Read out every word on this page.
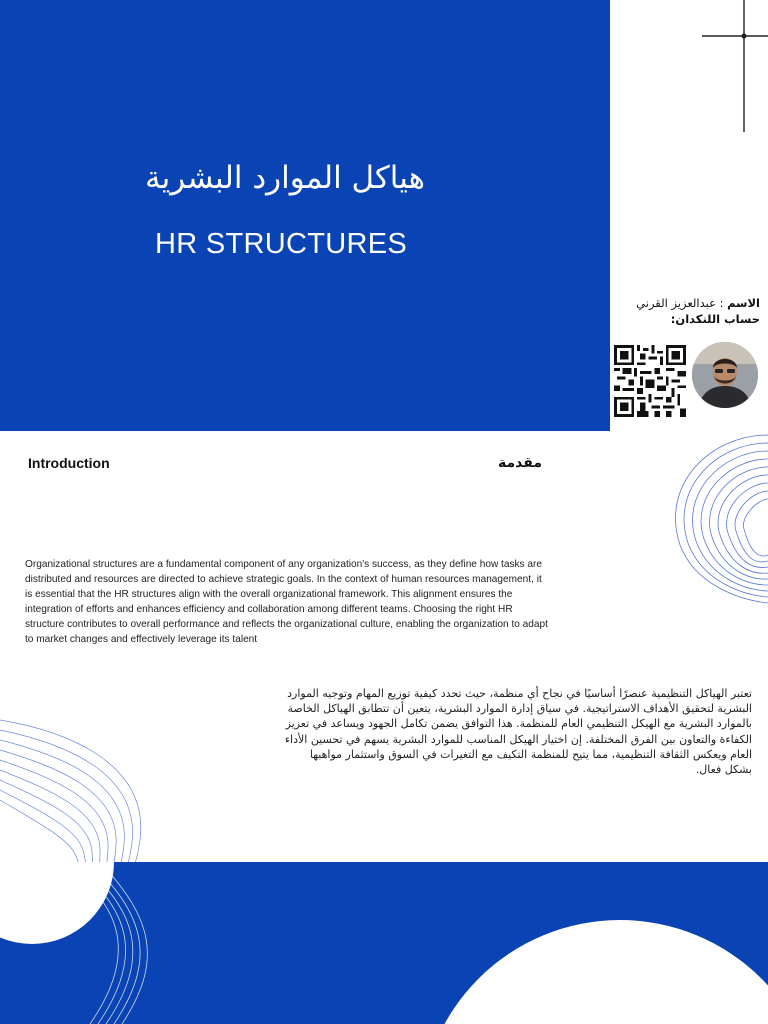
هياكل الموارد البشرية
HR STRUCTURES
الاسم : عبدالعزيز القرني
حساب اللنكدان:
Introduction	مقدمة
Organizational structures are a fundamental component of any organization's success, as they define how tasks are distributed and resources are directed to achieve strategic goals. In the context of human resources management, it is essential that the HR structures align with the overall organizational framework. This alignment ensures the integration of efforts and enhances efficiency and collaboration among different teams. Choosing the right HR structure contributes to overall performance and reflects the organizational culture, enabling the organization to adapt to market changes and effectively leverage its talent
تعتبر الهياكل التنظيمية عنصرًا أساسيًا في نجاح أي منظمة، حيث تحدد كيفية توزيع المهام وتوجيه الموارد البشرية لتحقيق الأهداف الاستراتيجية. في سياق إدارة الموارد البشرية، يتعين أن تتطابق الهياكل الخاصة بالموارد البشرية مع الهيكل التنظيمي العام للمنظمة. هذا التوافق يضمن تكامل الجهود ويساعد في تعزيز الكفاءة والتعاون بين الفرق المختلفة. إن اختيار الهيكل المناسب للموارد البشرية يسهم في تحسين الأداء العام ويعكس الثقافة التنظيمية، مما يتيح للمنظمة التكيف مع التغيرات في السوق واستثمار مواهبها بشكل فعال.
